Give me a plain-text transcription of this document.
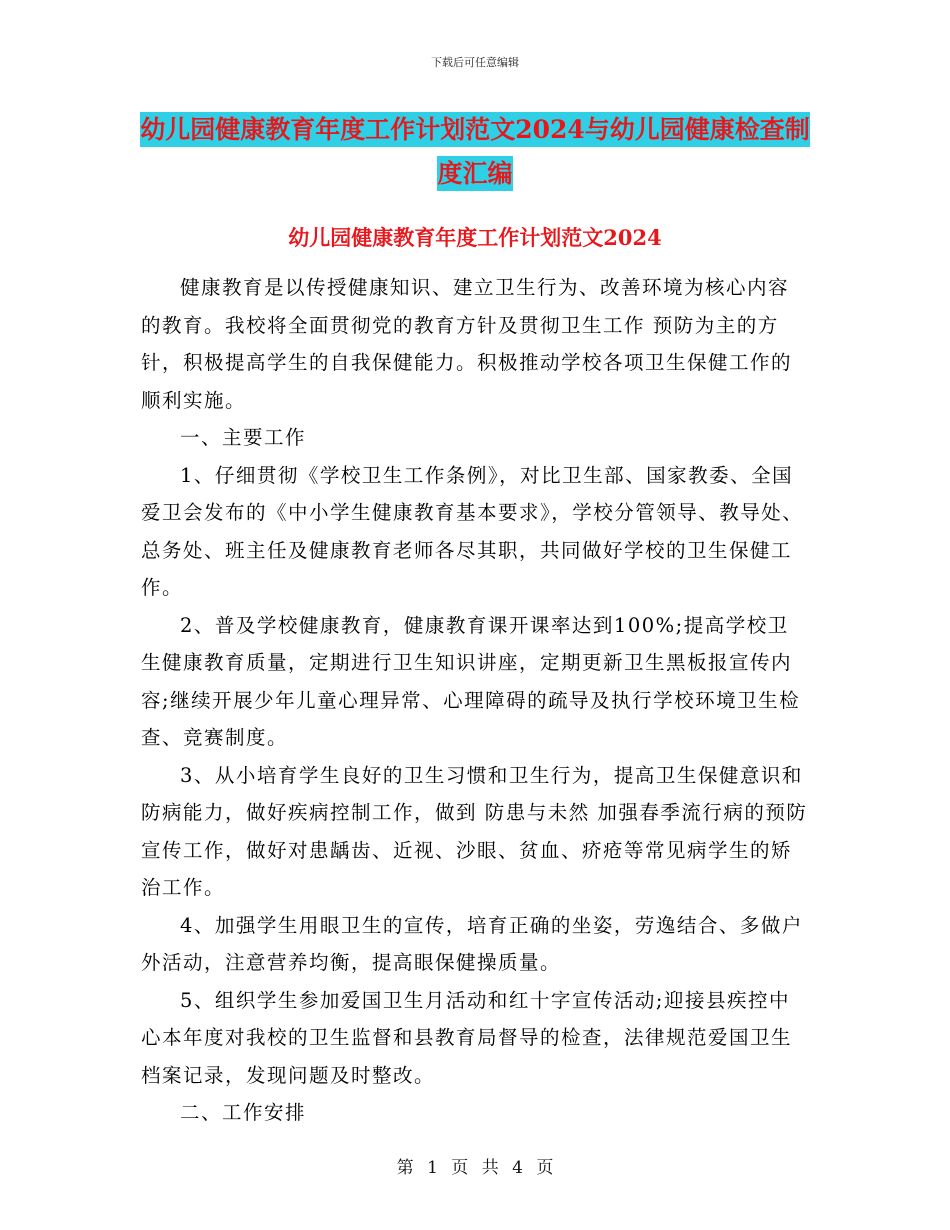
下载后可任意编辑
幼儿园健康教育年度工作计划范文2024与幼儿园健康检查制度汇编
幼儿园健康教育年度工作计划范文2024

健康教育是以传授健康知识、建立卫生行为、改善环境为核心内容的教育。我校将全面贯彻党的教育方针及贯彻卫生工作 预防为主的方针，积极提高学生的自我保健能力。积极推动学校各项卫生保健工作的顺利实施。

一、主要工作

1、仔细贯彻《学校卫生工作条例》，对比卫生部、国家教委、全国爱卫会发布的《中小学生健康教育基本要求》，学校分管领导、教导处、总务处、班主任及健康教育老师各尽其职，共同做好学校的卫生保健工作。

2、普及学校健康教育，健康教育课开课率达到100%;提高学校卫生健康教育质量，定期进行卫生知识讲座，定期更新卫生黑板报宣传内容;继续开展少年儿童心理异常、心理障碍的疏导及执行学校环境卫生检查、竞赛制度。

3、从小培育学生良好的卫生习惯和卫生行为，提高卫生保健意识和防病能力，做好疾病控制工作，做到 防患与未然 加强春季流行病的预防宣传工作，做好对患龋齿、近视、沙眼、贫血、疥疮等常见病学生的矫治工作。

4、加强学生用眼卫生的宣传，培育正确的坐姿，劳逸结合、多做户外活动，注意营养均衡，提高眼保健操质量。

5、组织学生参加爱国卫生月活动和红十字宣传活动;迎接县疾控中心本年度对我校的卫生监督和县教育局督导的检查，法律规范爱国卫生档案记录，发现问题及时整改。

二、工作安排

第 1 页 共 4 页
